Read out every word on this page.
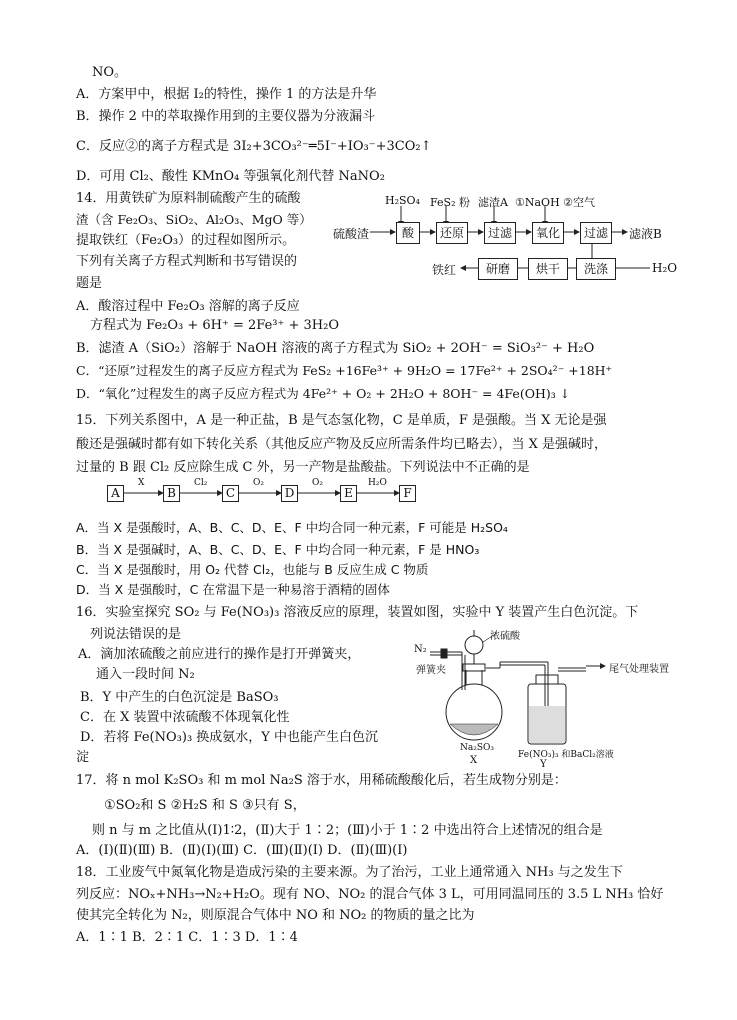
NO。
A．方案甲中，根据 I₂的特性，操作 1 的方法是升华
B．操作 2 中的萃取操作用到的主要仪器为分液漏斗
C．反应②的离子方程式是 3I₂+3CO₃²⁻═5I⁻+IO₃⁻+3CO₂↑
D．可用 Cl₂、酸性 KMnO₄ 等强氧化剂代替 NaNO₂
14．用黄铁矿为原料制硫酸产生的硫酸
渣（含 Fe₂O₃、SiO₂、Al₂O₃、MgO 等）
提取铁红（Fe₂O₃）的过程如图所示。
下列有关离子方程式判断和书写错误的
题是
A．酸溶过程中 Fe₂O₃ 溶解的离子反应
方程式为 Fe₂O₃ + 6H⁺ = 2Fe³⁺ + 3H₂O
B．滤渣 A（SiO₂）溶解于 NaOH 溶液的离子方程式为 SiO₂ + 2OH⁻ = SiO₃²⁻ + H₂O
C．“还原”过程发生的离子反应方程式为 FeS₂ +16Fe³⁺ + 9H₂O = 17Fe²⁺ + 2SO₄²⁻ +18H⁺
D．“氧化”过程发生的离子反应方程式为 4Fe²⁺ + O₂ + 2H₂O + 8OH⁻ = 4Fe(OH)₃ ↓
硫酸渣
H₂SO₄ FeS₂ 粉 滤渣A ①NaOH ②空气
酸	还原	过滤	氧化	过滤	滤液B
洗涤	H₂O
烘干
研磨
铁红
15．下列关系图中，A 是一种正盐，B 是气态氢化物，C 是单质，F 是强酸。当 X 无论是强
酸还是强碱时都有如下转化关系（其他反应产物及反应所需条件均已略去），当 X 是强碱时，
过量的 B 跟 Cl₂ 反应除生成 C 外，另一产物是盐酸盐。下列说法中不正确的是
A	B	C	D	E	F
X	Cl₂	O₂	O₂	H₂O
A．当 X 是强酸时，A、B、C、D、E、F 中均合同一种元素，F 可能是 H₂SO₄
B．当 X 是强碱时，A、B、C、D、E、F 中均合同一种元素，F 是 HNO₃
C．当 X 是强酸时，用 O₂ 代替 Cl₂，也能与 B 反应生成 C 物质
D．当 X 是强酸时，C 在常温下是一种易溶于酒精的固体
16．实验室探究 SO₂ 与 Fe(NO₃)₃ 溶液反应的原理，装置如图，实验中 Y 装置产生白色沉淀。下
列说法错误的是
A．滴加浓硫酸之前应进行的操作是打开弹簧夹，
通入一段时间 N₂
B．Y 中产生的白色沉淀是 BaSO₃
C．在 X 装置中浓硫酸不体现氧化性
D．若将 Fe(NO₃)₃ 换成氨水，Y 中也能产生白色沉
淀
N₂
浓硫酸
弹簧夹	尾气处理装置
Na₂SO₃
X	Fe(NO₃)₃ 和BaCl₂溶液
Y
17．将 n mol K₂SO₃ 和 m mol Na₂S 溶于水，用稀硫酸酸化后，若生成物分别是：
①SO₂和 S ②H₂S 和 S ③只有 S，
则 n 与 m 之比值从(Ⅰ)1∶2，(Ⅱ)大于 1∶2；(Ⅲ)小于 1∶2 中选出符合上述情况的组合是
A．(Ⅰ)(Ⅱ)(Ⅲ) B．(Ⅱ)(Ⅰ)(Ⅲ) C．(Ⅲ)(Ⅱ)(Ⅰ) D．(Ⅱ)(Ⅲ)(Ⅰ)
18．工业废气中氮氧化物是造成污染的主要来源。为了治污，工业上通常通入 NH₃ 与之发生下
列反应：NOₓ+NH₃→N₂+H₂O。现有 NO、NO₂ 的混合气体 3 L，可用同温同压的 3.5 L NH₃ 恰好
使其完全转化为 N₂，则原混合气体中 NO 和 NO₂ 的物质的量之比为
A．1∶1 B．2∶1 C．1∶3 D．1∶4
